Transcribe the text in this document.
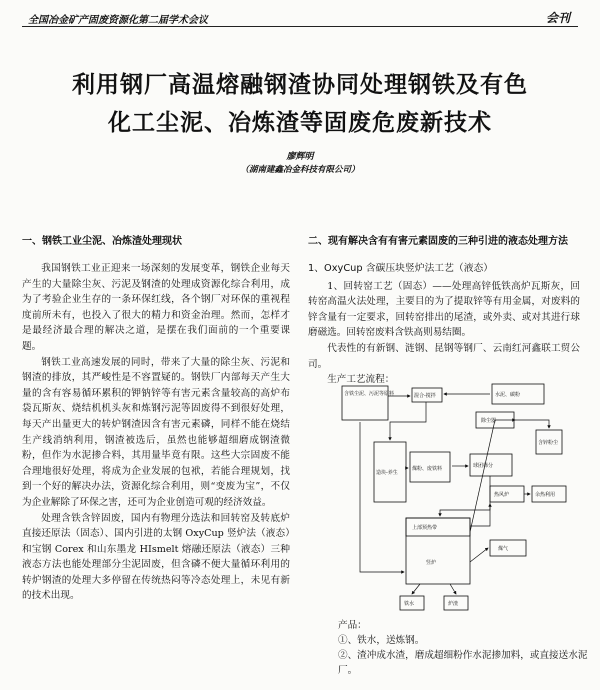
全国冶金矿产固废资源化第二届学术会议	会刊
利用钢厂高温熔融钢渣协同处理钢铁及有色
化工尘泥、冶炼渣等固废危废新技术
廖辉明
（湖南建鑫冶金科技有限公司）
一、钢铁工业尘泥、冶炼渣处理现状

我国钢铁工业正迎来一场深刻的发展变革，钢铁企业每天产生的大量除尘灰、污泥及钢渣的处理成资源化综合利用，成为了考验企业生存的一条环保红线，各个钢厂对环保的重视程度前所未有，也投入了很大的精力和资金治理。然而，怎样才是最经济最合理的解决之道，是摆在我们面前的一个重要课题。

钢铁工业高速发展的同时，带来了大量的除尘灰、污泥和钢渣的排放，其严峻性是不容置疑的。钢铁厂内部每天产生大量的含有容易循环累积的钾钠锌等有害元素含量较高的高炉布袋瓦斯灰、烧结机机头灰和炼钢污泥等固废得不到很好处理，每天产出量更大的转炉钢渣因含有害元素磷，同样不能在烧结生产线消纳利用，钢渣被选后，虽然也能够超细磨成钢渣微粉，但作为水泥掺合料，其用量毕竟有限。这些大宗固废不能合理地很好处理，将成为企业发展的包袱，若能合理规划，找到一个好的解决办法，资源化综合利用，则“变废为宝”，不仅为企业解除了环保之害，还可为企业创造可观的经济效益。

处理含铁含锌固废，国内有物理分选法和回转窑及转底炉直接还原法（固态）、国内引进的太钢 OxyCup 竖炉法（液态）和宝钢 Corex 和山东墨龙 HIsmelt 熔融还原法（液态）三种液态方法也能处理部分尘泥固废，但含磷不便大量循环利用的转炉钢渣的处理大多停留在传统热闷等冷态处理上，未见有新的技术出现。

二、现有解决含有有害元素固废的三种引进的液态处理方法
1、OxyCup 含碳压块竖炉法工艺（液态）

1、回转窑工艺（固态）——处理高锌低铁高炉瓦斯灰，回转窑高温火法处理，主要目的为了提取锌等有用金属，对废料的锌含量有一定要求，回转窑排出的尾渣，或外卖、或对其进行球磨磁选。回转窑废料含铁高则易结圈。

代表性的有新钢、涟钢、昆钢等钢厂、云南红河鑫联工贸公司。

生产工艺流程：

含铁尘泥、污泥等原料	混合-搅拌	水泥、碳粉
造块-养生
煤粉、废铁料	球团筛分
竖炉
上部预热带
热风炉	余热利用
除尘器
含锌粉尘
铁水	炉渣
煤气
产品：
①、铁水，送炼钢。
②、渣冲成水渣，磨成超细粉作水泥掺加料，或直接送水泥厂。
